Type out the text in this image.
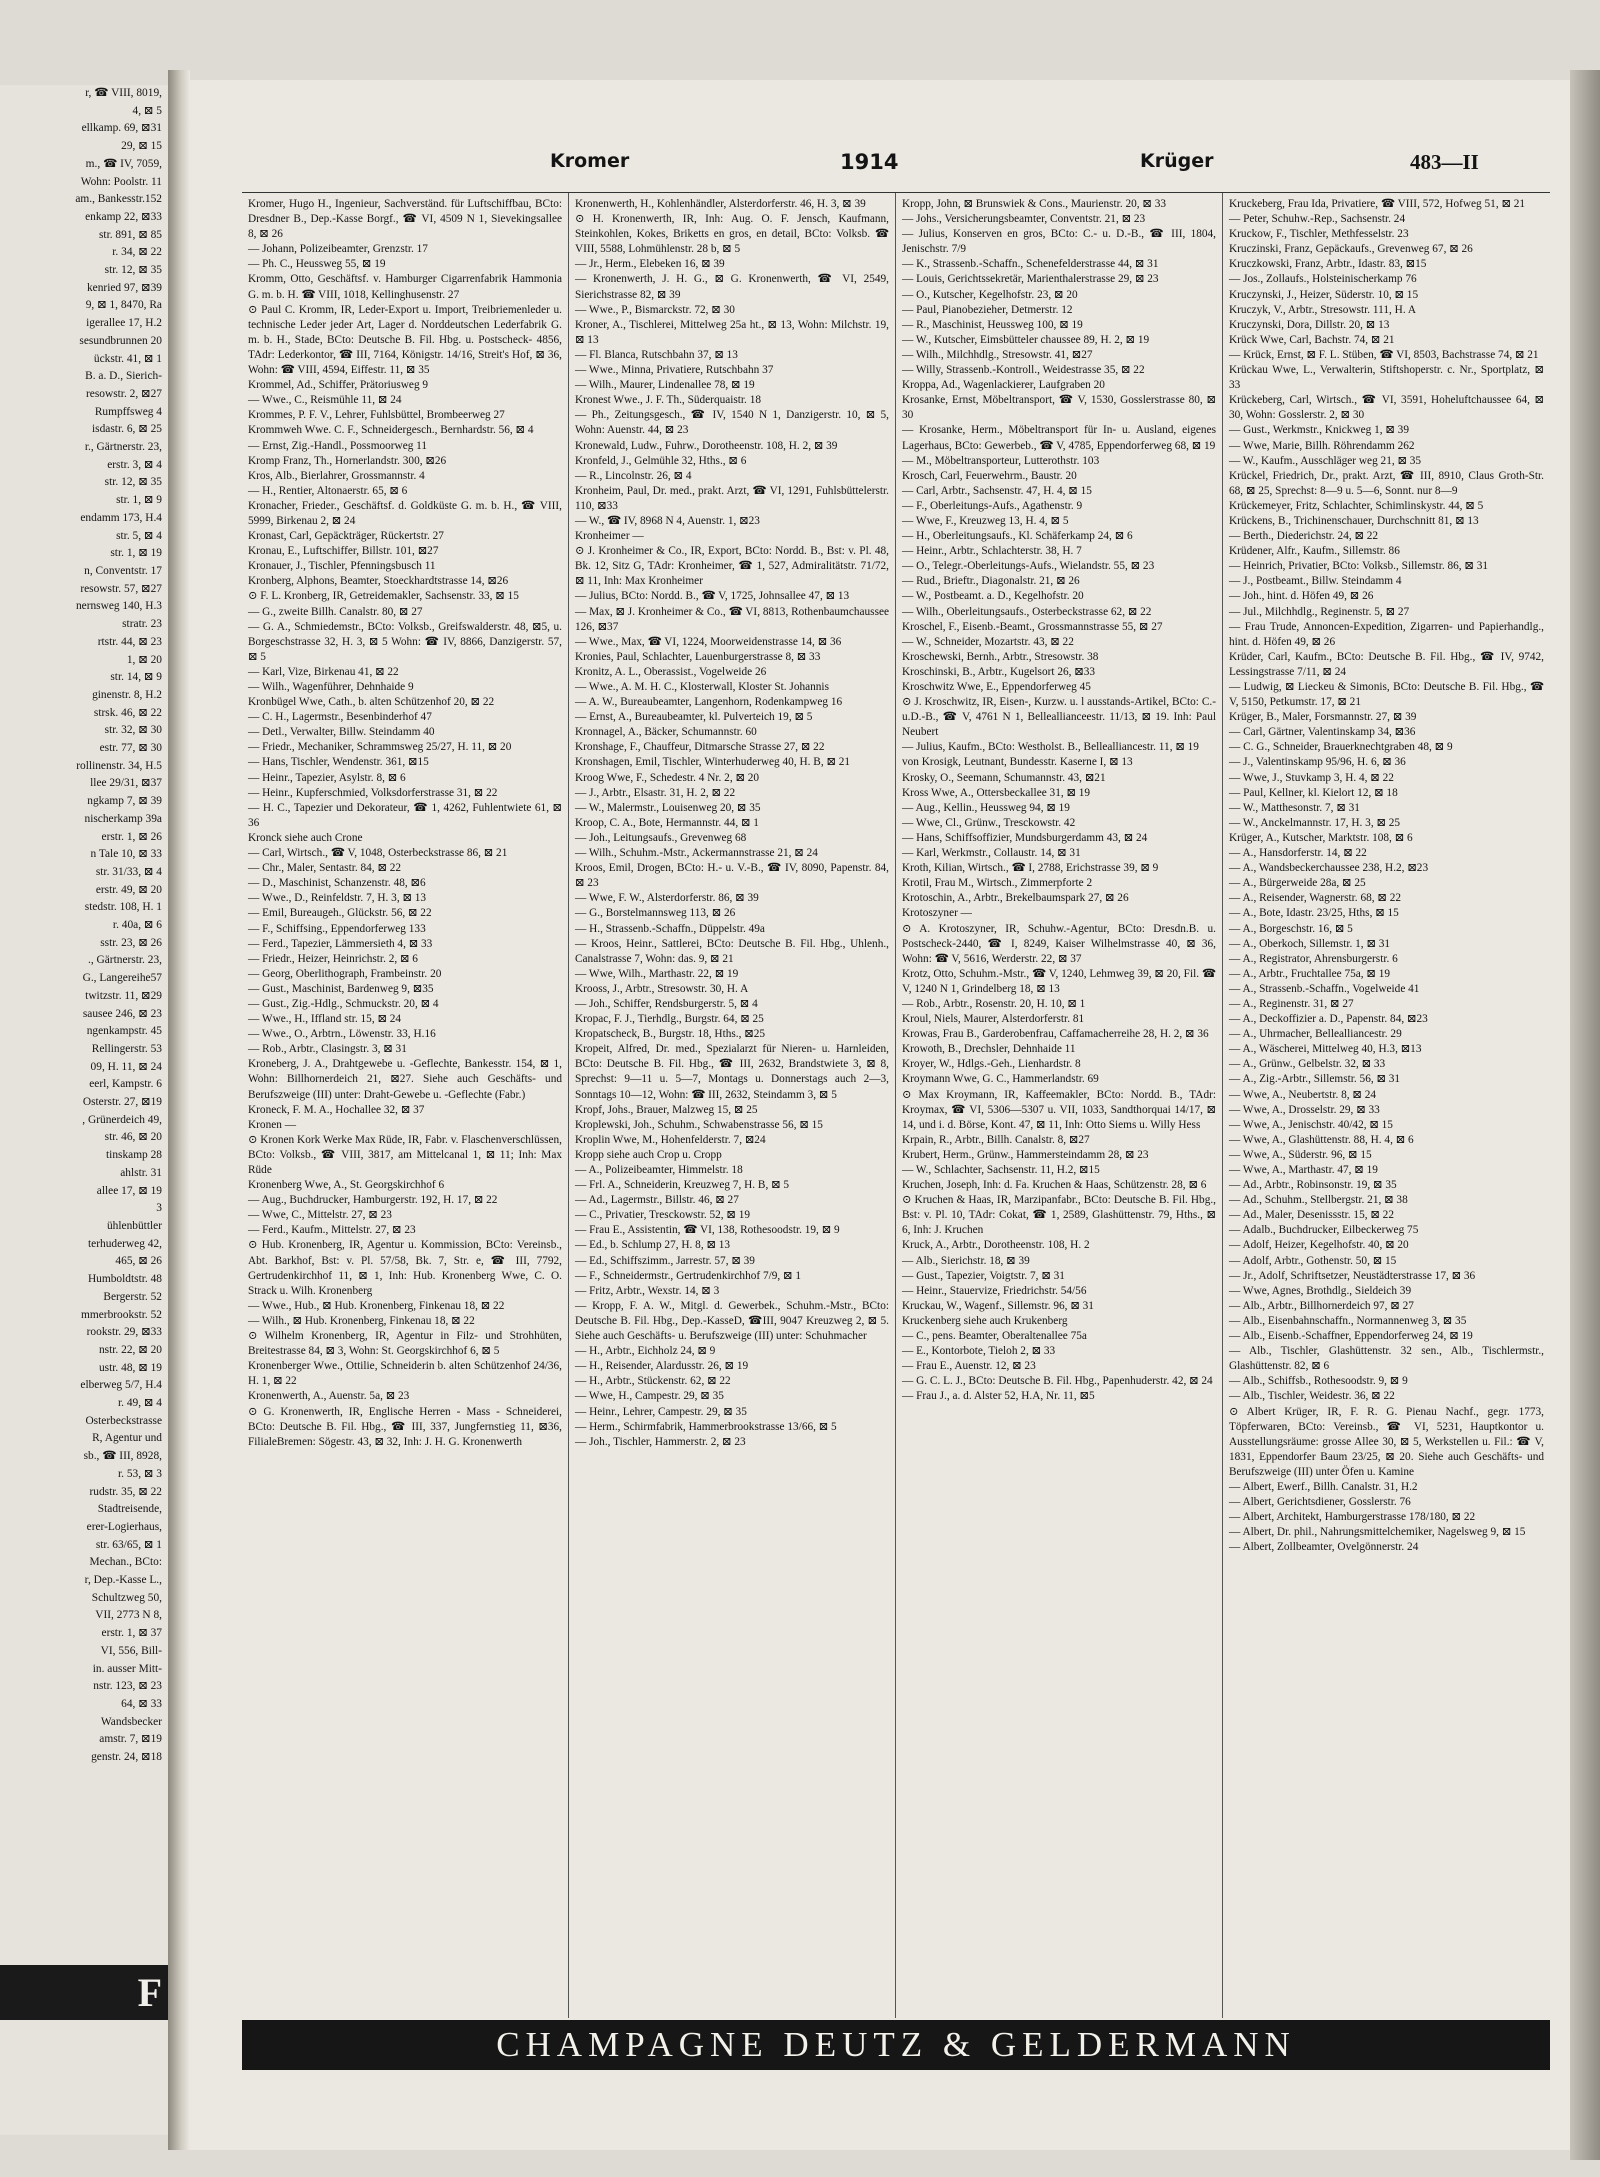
r, ☎ VIII, 8019,
4, ⊠ 5
ellkamp. 69, ⊠31
29, ⊠ 15
m., ☎ IV, 7059,
Wohn: Poolstr. 11
am., Bankesstr.152
enkamp 22, ⊠33
str. 891, ⊠ 85
r. 34, ⊠ 22
str. 12, ⊠ 35
kenried 97, ⊠39
9, ⊠ 1, 8470, Ra
igerallee 17, H.2
sesundbrunnen 20
ückstr. 41, ⊠ 1
B. a. D., Sierich-
resowstr. 2, ⊠27
Rumpffsweg 4
isdastr. 6, ⊠ 25
r., Gärtnerstr. 23,
erstr. 3, ⊠ 4
str. 12, ⊠ 35
str. 1, ⊠ 9
endamm 173, H.4
str. 5, ⊠ 4
str. 1, ⊠ 19
n, Conventstr. 17
resowstr. 57, ⊠27
nernsweg 140, H.3
stratr. 23
rtstr. 44, ⊠ 23
1, ⊠ 20
str. 14, ⊠ 9
ginenstr. 8, H.2
strsk. 46, ⊠ 22
str. 32, ⊠ 30
estr. 77, ⊠ 30
rollinenstr. 34, H.5
llee 29/31, ⊠37
ngkamp 7, ⊠ 39
nischerkamp 39a
erstr. 1, ⊠ 26
n Tale 10, ⊠ 33
str. 31/33, ⊠ 4
erstr. 49, ⊠ 20
stedstr. 108, H. 1
r. 40a, ⊠ 6
sstr. 23, ⊠ 26
., Gärtnerstr. 23,
G., Langereihe57
twitzstr. 11, ⊠29
sausee 246, ⊠ 23
ngenkampstr. 45
Rellingerstr. 53
09, H. 11, ⊠ 24
eerl, Kampstr. 6
Osterstr. 27, ⊠19
, Grünerdeich 49,
str. 46, ⊠ 20
tinskamp 28
ahlstr. 31
allee 17, ⊠ 19
3
ühlenbüttler
terhuderweg 42,
465, ⊠ 26
Humboldtstr. 48
Bergerstr. 52
mmerbrookstr. 52
rookstr. 29, ⊠33
nstr. 22, ⊠ 20
ustr. 48, ⊠ 19
elberweg 5/7, H.4
r. 49, ⊠ 4
Osterbeckstrasse
R, Agentur und
sb., ☎ III, 8928,
r. 53, ⊠ 3
rudstr. 35, ⊠ 22
Stadtreisende,
erer-Logierhaus,
str. 63/65, ⊠ 1
Mechan., BCto:
r, Dep.-Kasse L.,
Schultzweg 50,
VII, 2773 N 8,
erstr. 1, ⊠ 37
VI, 556, Bill-
in. ausser Mitt-
nstr. 123, ⊠ 23
64, ⊠ 33
Wandsbecker
amstr. 7, ⊠19
genstr. 24, ⊠18
F
Kromer	1914	Krüger	483—II

Kromer, Hugo H., Ingenieur, Sachverständ. für Luftschiffbau, BCto: Dresdner B., Dep.-Kasse Borgf., ☎ VI, 4509 N 1, Sievekingsallee 8, ⊠ 26

— Johann, Polizeibeamter, Grenzstr. 17

— Ph. C., Heussweg 55, ⊠ 19

Kromm, Otto, Geschäftsf. v. Hamburger Cigarrenfabrik Hammonia G. m. b. H. ☎ VIII, 1018, Kellinghusenstr. 27

⊙ Paul C. Kromm, IR, Leder-Export u. Import, Treibriemenleder u. technische Leder jeder Art, Lager d. Norddeutschen Lederfabrik G. m. b. H., Stade, BCto: Deutsche B. Fil. Hbg. u. Postscheck- 4856, TAdr: Lederkontor, ☎ III, 7164, Königstr. 14/16, Streit's Hof, ⊠ 36, Wohn: ☎ VIII, 4594, Eiffestr. 11, ⊠ 35

Krommel, Ad., Schiffer, Prätoriusweg 9

— Wwe., C., Reismühle 11, ⊠ 24

Krommes, P. F. V., Lehrer, Fuhlsbüttel, Brombeerweg 27

Krommweh Wwe. C. F., Schneidergesch., Bernhardstr. 56, ⊠ 4

— Ernst, Zig.-Handl., Possmoorweg 11

Kromp Franz, Th., Hornerlandstr. 300, ⊠26

Kros, Alb., Bierlahrer, Grossmannstr. 4

— H., Rentier, Altonaerstr. 65, ⊠ 6

Kronacher, Frieder., Geschäftsf. d. Goldküste G. m. b. H., ☎ VIII, 5999, Birkenau 2, ⊠ 24

Kronast, Carl, Gepäckträger, Rückertstr. 27

Kronau, E., Luftschiffer, Billstr. 101, ⊠27

Kronauer, J., Tischler, Pfenningsbusch 11

Kronberg, Alphons, Beamter, Stoeckhardtstrasse 14, ⊠26

⊙ F. L. Kronberg, IR, Getreidemakler, Sachsenstr. 33, ⊠ 15

— G., zweite Billh. Canalstr. 80, ⊠ 27

— G. A., Schmiedemstr., BCto: Volksb., Greifswalderstr. 48, ⊠5, u. Borgeschstrasse 32, H. 3, ⊠ 5 Wohn: ☎ IV, 8866, Danzigerstr. 57, ⊠ 5

— Karl, Vize, Birkenau 41, ⊠ 22

— Wilh., Wagenführer, Dehnhaide 9

Kronbügel Wwe, Cath., b. alten Schützenhof 20, ⊠ 22

— C. H., Lagermstr., Besenbinderhof 47

— Detl., Verwalter, Billw. Steindamm 40

— Friedr., Mechaniker, Schrammsweg 25/27, H. 11, ⊠ 20

— Hans, Tischler, Wendenstr. 361, ⊠15

— Heinr., Tapezier, Asylstr. 8, ⊠ 6

— Heinr., Kupferschmied, Volksdorferstrasse 31, ⊠ 22

— H. C., Tapezier und Dekorateur, ☎ 1, 4262, Fuhlentwiete 61, ⊠ 36

Kronck siehe auch Crone

— Carl, Wirtsch., ☎ V, 1048, Osterbeckstrasse 86, ⊠ 21

— Chr., Maler, Sentastr. 84, ⊠ 22

— D., Maschinist, Schanzenstr. 48, ⊠6

— Wwe., D., Reinfeldstr. 7, H. 3, ⊠ 13

— Emil, Bureaugeh., Glückstr. 56, ⊠ 22

— F., Schiffsing., Eppendorferweg 133

— Ferd., Tapezier, Lämmersieth 4, ⊠ 33

— Friedr., Heizer, Heinrichstr. 2, ⊠ 6

— Georg, Oberlithograph, Frambeinstr. 20

— Gust., Maschinist, Bardenweg 9, ⊠35

— Gust., Zig.-Hdlg., Schmuckstr. 20, ⊠ 4

— Wwe., H., Iffland str. 15, ⊠ 24

— Wwe., O., Arbtrn., Löwenstr. 33, H.16

— Rob., Arbtr., Clasingstr. 3, ⊠ 31

Kroneberg, J. A., Drahtgewebe u. -Geflechte, Bankesstr. 154, ⊠ 1, Wohn: Billhornerdeich 21, ⊠27. Siehe auch Geschäfts- und Berufszweige (III) unter: Draht-Gewebe u. -Geflechte (Fabr.)

Kroneck, F. M. A., Hochallee 32, ⊠ 37

Kronen —

⊙ Kronen Kork Werke Max Rüde, IR, Fabr. v. Flaschenverschlüssen, BCto: Volksb., ☎ VIII, 3817, am Mittelcanal 1, ⊠ 11; Inh: Max Rüde

Kronenberg Wwe, A., St. Georgskirchhof 6

— Aug., Buchdrucker, Hamburgerstr. 192, H. 17, ⊠ 22

— Wwe, C., Mittelstr. 27, ⊠ 23

— Ferd., Kaufm., Mittelstr. 27, ⊠ 23

⊙ Hub. Kronenberg, IR, Agentur u. Kommission, BCto: Vereinsb., Abt. Barkhof, Bst: v. Pl. 57/58, Bk. 7, Str. e, ☎ III, 7792, Gertrudenkirchhof 11, ⊠ 1, Inh: Hub. Kronenberg Wwe, C. O. Strack u. Wilh. Kronenberg

— Wwe., Hub., ⊠ Hub. Kronenberg, Finkenau 18, ⊠ 22

— Wilh., ⊠ Hub. Kronenberg, Finkenau 18, ⊠ 22

⊙ Wilhelm Kronenberg, IR, Agentur in Filz- und Strohhüten, Breitestrasse 84, ⊠ 3, Wohn: St. Georgskirchhof 6, ⊠ 5

Kronenberger Wwe., Ottilie, Schneiderin b. alten Schützenhof 24/36, H. 1, ⊠ 22

Kronenwerth, A., Auenstr. 5a, ⊠ 23

⊙ G. Kronenwerth, IR, Englische Herren - Mass - Schneiderei, BCto: Deutsche B. Fil. Hbg., ☎ III, 337, Jungfernstieg 11, ⊠36, FilialeBremen: Sögestr. 43, ⊠ 32, Inh: J. H. G. Kronenwerth

Kronenwerth, H., Kohlenhändler, Alsterdorferstr. 46, H. 3, ⊠ 39

⊙ H. Kronenwerth, IR, Inh: Aug. O. F. Jensch, Kaufmann, Steinkohlen, Kokes, Briketts en gros, en detail, BCto: Volksb. ☎ VIII, 5588, Lohmühlenstr. 28 b, ⊠ 5

— Jr., Herm., Elebeken 16, ⊠ 39

— Kronenwerth, J. H. G., ⊠ G. Kronenwerth, ☎ VI, 2549, Sierichstrasse 82, ⊠ 39

— Wwe., P., Bismarckstr. 72, ⊠ 30

Kroner, A., Tischlerei, Mittelweg 25a ht., ⊠ 13, Wohn: Milchstr. 19, ⊠ 13

— Fl. Blanca, Rutschbahn 37, ⊠ 13

— Wwe., Minna, Privatiere, Rutschbahn 37

— Wilh., Maurer, Lindenallee 78, ⊠ 19

Kronest Wwe., J. F. Th., Süderquaistr. 18

— Ph., Zeitungsgesch., ☎ IV, 1540 N 1, Danzigerstr. 10, ⊠ 5, Wohn: Auenstr. 44, ⊠ 23

Kronewald, Ludw., Fuhrw., Dorotheenstr. 108, H. 2, ⊠ 39

Kronfeld, J., Gelmühle 32, Hths., ⊠ 6

— R., Lincolnstr. 26, ⊠ 4

Kronheim, Paul, Dr. med., prakt. Arzt, ☎ VI, 1291, Fuhlsbüttelerstr. 110, ⊠33

— W., ☎ IV, 8968 N 4, Auenstr. 1, ⊠23

Kronheimer —

⊙ J. Kronheimer & Co., IR, Export, BCto: Nordd. B., Bst: v. Pl. 48, Bk. 12, Sitz G, TAdr: Kronheimer, ☎ 1, 527, Admiralitätstr. 71/72, ⊠ 11, Inh: Max Kronheimer

— Julius, BCto: Nordd. B., ☎ V, 1725, Johnsallee 47, ⊠ 13

— Max, ⊠ J. Kronheimer & Co., ☎ VI, 8813, Rothenbaumchaussee 126, ⊠37

— Wwe., Max, ☎ VI, 1224, Moorweidenstrasse 14, ⊠ 36

Kronies, Paul, Schlachter, Lauenburgerstrasse 8, ⊠ 33

Kronitz, A. L., Oberassist., Vogelweide 26

— Wwe., A. M. H. C., Klosterwall, Kloster St. Johannis

— A. W., Bureaubeamter, Langenhorn, Rodenkampweg 16

— Ernst, A., Bureaubeamter, kl. Pulverteich 19, ⊠ 5

Kronnagel, A., Bäcker, Schumannstr. 60

Kronshage, F., Chauffeur, Ditmarsche Strasse 27, ⊠ 22

Kronshagen, Emil, Tischler, Winterhuderweg 40, H. B, ⊠ 21

Kroog Wwe, F., Schedestr. 4 Nr. 2, ⊠ 20

— J., Arbtr., Elsastr. 31, H. 2, ⊠ 22

— W., Malermstr., Louisenweg 20, ⊠ 35

Kroop, C. A., Bote, Hermannstr. 44, ⊠ 1

— Joh., Leitungsaufs., Grevenweg 68

— Wilh., Schuhm.-Mstr., Ackermannstrasse 21, ⊠ 24

Kroos, Emil, Drogen, BCto: H.- u. V.-B., ☎ IV, 8090, Papenstr. 84, ⊠ 23

— Wwe, F. W., Alsterdorferstr. 86, ⊠ 39

— G., Borstelmannsweg 113, ⊠ 26

— H., Strassenb.-Schaffn., Düppelstr. 49a

— Kroos, Heinr., Sattlerei, BCto: Deutsche B. Fil. Hbg., Uhlenh., Canalstrasse 7, Wohn: das. 9, ⊠ 21

— Wwe, Wilh., Marthastr. 22, ⊠ 19

Krooss, J., Arbtr., Stresowstr. 30, H. A

— Joh., Schiffer, Rendsburgerstr. 5, ⊠ 4

Kropac, F. J., Tierhdlg., Burgstr. 64, ⊠ 25

Kropatscheck, B., Burgstr. 18, Hths., ⊠25

Kropeit, Alfred, Dr. med., Spezialarzt für Nieren- u. Harnleiden, BCto: Deutsche B. Fil. Hbg., ☎ III, 2632, Brandstwiete 3, ⊠ 8, Sprechst: 9—11 u. 5—7, Montags u. Donnerstags auch 2—3, Sonntags 10—12, Wohn: ☎ III, 2632, Steindamm 3, ⊠ 5

Kropf, Johs., Brauer, Malzweg 15, ⊠ 25

Kroplewski, Joh., Schuhm., Schwabenstrasse 56, ⊠ 15

Kroplin Wwe, M., Hohenfelderstr. 7, ⊠24

Kropp siehe auch Crop u. Cropp

— A., Polizeibeamter, Himmelstr. 18

— Frl. A., Schneiderin, Kreuzweg 7, H. B, ⊠ 5

— Ad., Lagermstr., Billstr. 46, ⊠ 27

— C., Privatier, Tresckowstr. 52, ⊠ 19

— Frau E., Assistentin, ☎ VI, 138, Rothesoodstr. 19, ⊠ 9

— Ed., b. Schlump 27, H. 8, ⊠ 13

— Ed., Schiffszimm., Jarrestr. 57, ⊠ 39

— F., Schneidermstr., Gertrudenkirchhof 7/9, ⊠ 1

— Fritz, Arbtr., Wexstr. 14, ⊠ 3

— Kropp, F. A. W., Mitgl. d. Gewerbek., Schuhm.-Mstr., BCto: Deutsche B. Fil. Hbg., Dep.-KasseD, ☎III, 9047 Kreuzweg 2, ⊠ 5. Siehe auch Geschäfts- u. Berufszweige (III) unter: Schuhmacher

— H., Arbtr., Eichholz 24, ⊠ 9

— H., Reisender, Alardusstr. 26, ⊠ 19

— H., Arbtr., Stückenstr. 62, ⊠ 22

— Wwe, H., Campestr. 29, ⊠ 35

— Heinr., Lehrer, Campestr. 29, ⊠ 35

— Herm., Schirmfabrik, Hammerbrookstrasse 13/66, ⊠ 5

— Joh., Tischler, Hammerstr. 2, ⊠ 23

Kropp, John, ⊠ Brunswiek & Cons., Maurienstr. 20, ⊠ 33

— Johs., Versicherungsbeamter, Conventstr. 21, ⊠ 23

— Julius, Konserven en gros, BCto: C.- u. D.-B., ☎ III, 1804, Jenischstr. 7/9

— K., Strassenb.-Schaffn., Schenefelderstrasse 44, ⊠ 31

— Louis, Gerichtssekretär, Marienthalerstrasse 29, ⊠ 23

— O., Kutscher, Kegelhofstr. 23, ⊠ 20

— Paul, Pianobezieher, Detmerstr. 12

— R., Maschinist, Heussweg 100, ⊠ 19

— W., Kutscher, Eimsbütteler chaussee 89, H. 2, ⊠ 19

— Wilh., Milchhdlg., Stresowstr. 41, ⊠27

— Willy, Strassenb.-Kontroll., Weidestrasse 35, ⊠ 22

Kroppa, Ad., Wagenlackierer, Laufgraben 20

Krosanke, Ernst, Möbeltransport, ☎ V, 1530, Gosslerstrasse 80, ⊠ 30

— Krosanke, Herm., Möbeltransport für In- u. Ausland, eigenes Lagerhaus, BCto: Gewerbeb., ☎ V, 4785, Eppendorferweg 68, ⊠ 19

— M., Möbeltransporteur, Lutterothstr. 103

Krosch, Carl, Feuerwehrm., Baustr. 20

— Carl, Arbtr., Sachsenstr. 47, H. 4, ⊠ 15

— F., Oberleitungs-Aufs., Agathenstr. 9

— Wwe, F., Kreuzweg 13, H. 4, ⊠ 5

— H., Oberleitungsaufs., Kl. Schäferkamp 24, ⊠ 6

— Heinr., Arbtr., Schlachterstr. 38, H. 7

— O., Telegr.-Oberleitungs-Aufs., Wielandstr. 55, ⊠ 23

— Rud., Brieftr., Diagonalstr. 21, ⊠ 26

— W., Postbeamt. a. D., Kegelhofstr. 20

— Wilh., Oberleitungsaufs., Osterbeckstrasse 62, ⊠ 22

Kroschel, F., Eisenb.-Beamt., Grossmannstrasse 55, ⊠ 27

— W., Schneider, Mozartstr. 43, ⊠ 22

Kroschewski, Bernh., Arbtr., Stresowstr. 38

Kroschinski, B., Arbtr., Kugelsort 26, ⊠33

Kroschwitz Wwe, E., Eppendorferweg 45

⊙ J. Kroschwitz, IR, Eisen-, Kurzw. u. l ausstands-Artikel, BCto: C.-u.D.-B., ☎ V, 4761 N 1, Belleallianceestr. 11/13, ⊠ 19. Inh: Paul Neubert

— Julius, Kaufm., BCto: Westholst. B., Bellealliancestr. 11, ⊠ 19

von Krosigk, Leutnant, Bundesstr. Kaserne I, ⊠ 13

Krosky, O., Seemann, Schumannstr. 43, ⊠21

Kross Wwe, A., Ottersbeckallee 31, ⊠ 19

— Aug., Kellin., Heussweg 94, ⊠ 19

— Wwe, Cl., Grünw., Tresckowstr. 42

— Hans, Schiffsoffizier, Mundsburgerdamm 43, ⊠ 24

— Karl, Werkmstr., Collaustr. 14, ⊠ 31

Kroth, Kilian, Wirtsch., ☎ I, 2788, Erichstrasse 39, ⊠ 9

Krotil, Frau M., Wirtsch., Zimmerpforte 2

Krotoschin, A., Arbtr., Brekelbaumspark 27, ⊠ 26

Krotoszyner —

⊙ A. Krotoszyner, IR, Schuhw.-Agentur, BCto: Dresdn.B. u. Postscheck-2440, ☎ I, 8249, Kaiser Wilhelmstrasse 40, ⊠ 36, Wohn: ☎ V, 5616, Werderstr. 22, ⊠ 37

Krotz, Otto, Schuhm.-Mstr., ☎ V, 1240, Lehmweg 39, ⊠ 20, Fil. ☎ V, 1240 N 1, Grindelberg 18, ⊠ 13

— Rob., Arbtr., Rosenstr. 20, H. 10, ⊠ 1

Kroul, Niels, Maurer, Alsterdorferstr. 81

Krowas, Frau B., Garderobenfrau, Caffamacherreihe 28, H. 2, ⊠ 36

Krowoth, B., Drechsler, Dehnhaide 11

Kroyer, W., Hdlgs.-Geh., Lienhardstr. 8

Kroymann Wwe, G. C., Hammerlandstr. 69

⊙ Max Kroymann, IR, Kaffeemakler, BCto: Nordd. B., TAdr: Kroymax, ☎ VI, 5306—5307 u. VII, 1033, Sandthorquai 14/17, ⊠ 14, und i. d. Börse, Kont. 47, ⊠ 11, Inh: Otto Siems u. Willy Hess

Krpain, R., Arbtr., Billh. Canalstr. 8, ⊠27

Krubert, Herm., Grünw., Hammersteindamm 28, ⊠ 23

— W., Schlachter, Sachsenstr. 11, H.2, ⊠15

Kruchen, Joseph, Inh: d. Fa. Kruchen & Haas, Schützenstr. 28, ⊠ 6

⊙ Kruchen & Haas, IR, Marzipanfabr., BCto: Deutsche B. Fil. Hbg., Bst: v. Pl. 10, TAdr: Cokat, ☎ 1, 2589, Glashüttenstr. 79, Hths., ⊠ 6, Inh: J. Kruchen

Kruck, A., Arbtr., Dorotheenstr. 108, H. 2

— Alb., Sierichstr. 18, ⊠ 39

— Gust., Tapezier, Voigtstr. 7, ⊠ 31

— Heinr., Stauervize, Friedrichstr. 54/56

Kruckau, W., Wagenf., Sillemstr. 96, ⊠ 31

Kruckenberg siehe auch Krukenberg

— C., pens. Beamter, Oberaltenallee 75a

— E., Kontorbote, Tieloh 2, ⊠ 33

— Frau E., Auenstr. 12, ⊠ 23

— G. C. L. J., BCto: Deutsche B. Fil. Hbg., Papenhuderstr. 42, ⊠ 24

— Frau J., a. d. Alster 52, H.A, Nr. 11, ⊠5

Kruckeberg, Frau Ida, Privatiere, ☎ VIII, 572, Hofweg 51, ⊠ 21

— Peter, Schuhw.-Rep., Sachsenstr. 24

Kruckow, F., Tischler, Methfesselstr. 23

Kruczinski, Franz, Gepäckaufs., Grevenweg 67, ⊠ 26

Kruczkowski, Franz, Arbtr., Idastr. 83, ⊠15

— Jos., Zollaufs., Holsteinischerkamp 76

Kruczynski, J., Heizer, Süderstr. 10, ⊠ 15

Kruczyk, V., Arbtr., Stresowstr. 111, H. A

Kruczynski, Dora, Dillstr. 20, ⊠ 13

Krück Wwe, Carl, Bachstr. 74, ⊠ 21

— Krück, Ernst, ⊠ F. L. Stüben, ☎ VI, 8503, Bachstrasse 74, ⊠ 21

Krückau Wwe, L., Verwalterin, Stiftshoperstr. c. Nr., Sportplatz, ⊠ 33

Krückeberg, Carl, Wirtsch., ☎ VI, 3591, Hoheluftchaussee 64, ⊠ 30, Wohn: Gosslerstr. 2, ⊠ 30

— Gust., Werkmstr., Knickweg 1, ⊠ 39

— Wwe, Marie, Billh. Röhrendamm 262

— W., Kaufm., Ausschläger weg 21, ⊠ 35

Krückel, Friedrich, Dr., prakt. Arzt, ☎ III, 8910, Claus Groth-Str. 68, ⊠ 25, Sprechst: 8—9 u. 5—6, Sonnt. nur 8—9

Krückemeyer, Fritz, Schlachter, Schimlinskystr. 44, ⊠ 5

Krückens, B., Trichinenschauer, Durchschnitt 81, ⊠ 13

— Berth., Diederichstr. 24, ⊠ 22

Krüdener, Alfr., Kaufm., Sillemstr. 86

— Heinrich, Privatier, BCto: Volksb., Sillemstr. 86, ⊠ 31

— J., Postbeamt., Billw. Steindamm 4

— Joh., hint. d. Höfen 49, ⊠ 26

— Jul., Milchhdlg., Reginenstr. 5, ⊠ 27

— Frau Trude, Annoncen-Expedition, Zigarren- und Papierhandlg., hint. d. Höfen 49, ⊠ 26

Krüder, Carl, Kaufm., BCto: Deutsche B. Fil. Hbg., ☎ IV, 9742, Lessingstrasse 7/11, ⊠ 24

— Ludwig, ⊠ Lieckeu & Simonis, BCto: Deutsche B. Fil. Hbg., ☎ V, 5150, Petkumstr. 17, ⊠ 21

Krüger, B., Maler, Forsmannstr. 27, ⊠ 39

— Carl, Gärtner, Valentinskamp 34, ⊠36

— C. G., Schneider, Brauerknechtgraben 48, ⊠ 9

— J., Valentinskamp 95/96, H. 6, ⊠ 36

— Wwe, J., Stuvkamp 3, H. 4, ⊠ 22

— Paul, Kellner, kl. Kielort 12, ⊠ 18

— W., Matthesonstr. 7, ⊠ 31

— W., Anckelmannstr. 17, H. 3, ⊠ 25

Krüger, A., Kutscher, Marktstr. 108, ⊠ 6

— A., Hansdorferstr. 14, ⊠ 22

— A., Wandsbeckerchaussee 238, H.2, ⊠23

— A., Bürgerweide 28a, ⊠ 25

— A., Reisender, Wagnerstr. 68, ⊠ 22

— A., Bote, Idastr. 23/25, Hths, ⊠ 15

— A., Borgeschstr. 16, ⊠ 5

— A., Oberkoch, Sillemstr. 1, ⊠ 31

— A., Registrator, Ahrensburgerstr. 6

— A., Arbtr., Fruchtallee 75a, ⊠ 19

— A., Strassenb.-Schaffn., Vogelweide 41

— A., Reginenstr. 31, ⊠ 27

— A., Deckoffizier a. D., Papenstr. 84, ⊠23

— A., Uhrmacher, Bellealliancestr. 29

— A., Wäscherei, Mittelweg 40, H.3, ⊠13

— A., Grünw., Gelbelstr. 32, ⊠ 33

— A., Zig.-Arbtr., Sillemstr. 56, ⊠ 31

— Wwe, A., Neubertstr. 8, ⊠ 24

— Wwe, A., Drosselstr. 29, ⊠ 33

— Wwe, A., Jenischstr. 40/42, ⊠ 15

— Wwe, A., Glashüttenstr. 88, H. 4, ⊠ 6

— Wwe, A., Süderstr. 96, ⊠ 15

— Wwe, A., Marthastr. 47, ⊠ 19

— Ad., Arbtr., Robinsonstr. 19, ⊠ 35

— Ad., Schuhm., Stellbergstr. 21, ⊠ 38

— Ad., Maler, Desenissstr. 15, ⊠ 22

— Adalb., Buchdrucker, Eilbeckerweg 75

— Adolf, Heizer, Kegelhofstr. 40, ⊠ 20

— Adolf, Arbtr., Gothenstr. 50, ⊠ 15

— Jr., Adolf, Schriftsetzer, Neustädterstrasse 17, ⊠ 36

— Wwe, Agnes, Brothdlg., Sieldeich 39

— Alb., Arbtr., Billhornerdeich 97, ⊠ 27

— Alb., Eisenbahnschaffn., Normannenweg 3, ⊠ 35

— Alb., Eisenb.-Schaffner, Eppendorferweg 24, ⊠ 19

— Alb., Tischler, Glashüttenstr. 32 sen., Alb., Tischlermstr., Glashüttenstr. 82, ⊠ 6

— Alb., Schiffsb., Rothesoodstr. 9, ⊠ 9

— Alb., Tischler, Weidestr. 36, ⊠ 22

⊙ Albert Krüger, IR, F. R. G. Pienau Nachf., gegr. 1773, Töpferwaren, BCto: Vereinsb., ☎ VI, 5231, Hauptkontor u. Ausstellungsräume: grosse Allee 30, ⊠ 5, Werkstellen u. Fil.: ☎ V, 1831, Eppendorfer Baum 23/25, ⊠ 20. Siehe auch Geschäfts- und Berufszweige (III) unter Öfen u. Kamine

— Albert, Ewerf., Billh. Canalstr. 31, H.2

— Albert, Gerichtsdiener, Gosslerstr. 76

— Albert, Architekt, Hamburgerstrasse 178/180, ⊠ 22

— Albert, Dr. phil., Nahrungsmittelchemiker, Nagelsweg 9, ⊠ 15

— Albert, Zollbeamter, Ovelgönnerstr. 24

CHAMPAGNE DEUTZ & GELDERMANN
